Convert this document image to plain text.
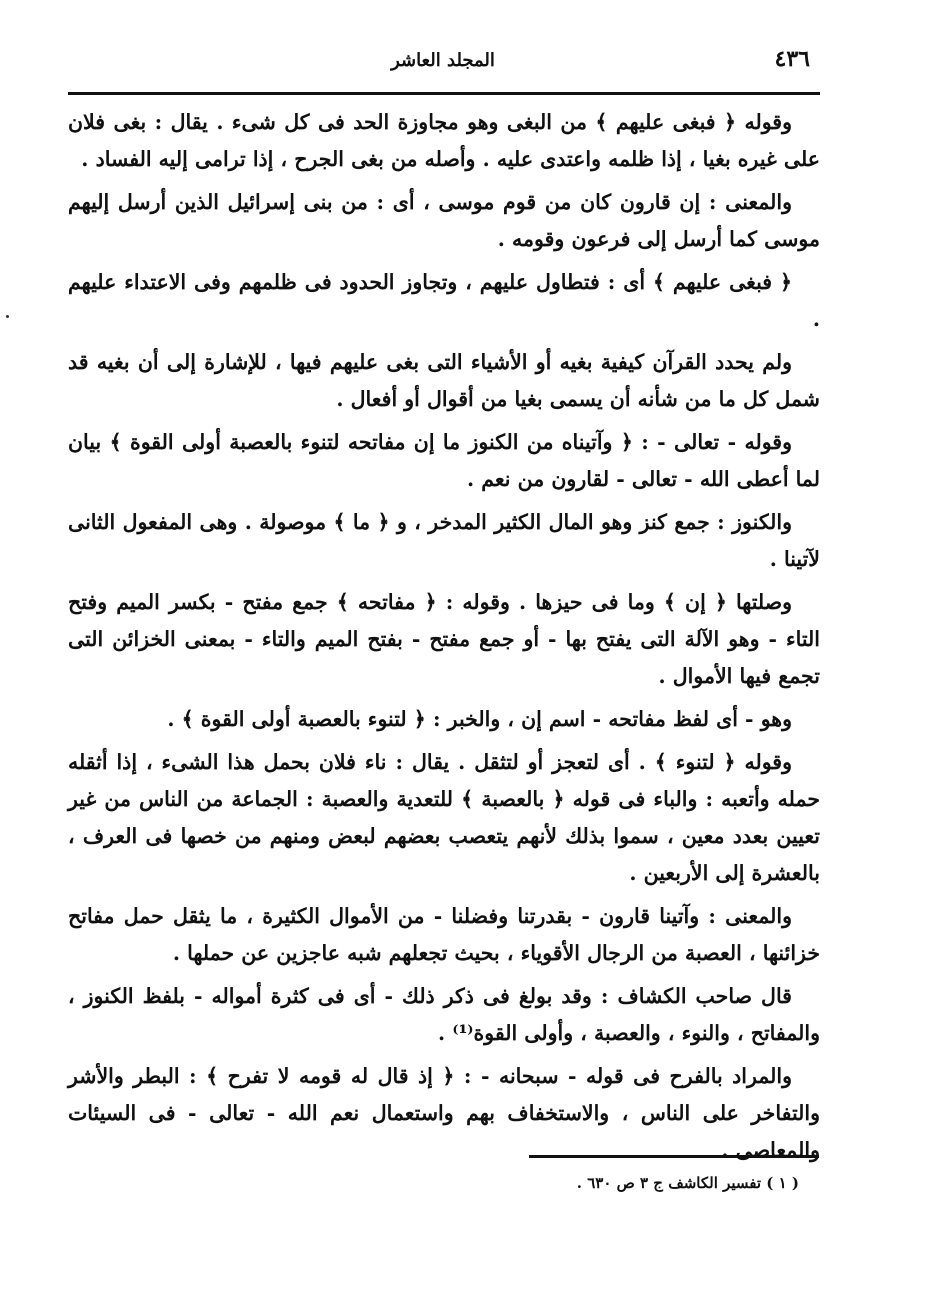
٤٣٦
المجلد العاشر

وقوله ﴿ فبغى عليهم ﴾ من البغى وهو مجاوزة الحد فى كل شىء . يقال : بغى فلان على غيره بغيا ، إذا ظلمه واعتدى عليه . وأصله من بغى الجرح ، إذا ترامى إليه الفساد .

والمعنى : إن قارون كان من قوم موسى ، أى : من بنى إسرائيل الذين أرسل إليهم موسى كما أرسل إلى فرعون وقومه .

﴿ فبغى عليهم ﴾ أى : فتطاول عليهم ، وتجاوز الحدود فى ظلمهم وفى الاعتداء عليهم .

ولم يحدد القرآن كيفية بغيه أو الأشياء التى بغى عليهم فيها ، للإشارة إلى أن بغيه قد شمل كل ما من شأنه أن يسمى بغيا من أقوال أو أفعال .

وقوله - تعالى - : ﴿ وآتيناه من الكنوز ما إن مفاتحه لتنوء بالعصبة أولى القوة ﴾ بيان لما أعطى الله - تعالى - لقارون من نعم .

والكنوز : جمع كنز وهو المال الكثير المدخر ، و ﴿ ما ﴾ موصولة . وهى المفعول الثانى لآتينا .

وصلتها ﴿ إن ﴾ وما فى حيزها . وقوله : ﴿ مفاتحه ﴾ جمع مفتح - بكسر الميم وفتح التاء - وهو الآلة التى يفتح بها - أو جمع مفتح - بفتح الميم والتاء - بمعنى الخزائن التى تجمع فيها الأموال .

وهو - أى لفظ مفاتحه - اسم إن ، والخبر : ﴿ لتنوء بالعصبة أولى القوة ﴾ .

وقوله ﴿ لتنوء ﴾ . أى لتعجز أو لتثقل . يقال : ناء فلان بحمل هذا الشىء ، إذا أثقله حمله وأتعبه : والباء فى قوله ﴿ بالعصبة ﴾ للتعدية والعصبة : الجماعة من الناس من غير تعيين بعدد معين ، سموا بذلك لأنهم يتعصب بعضهم لبعض ومنهم من خصها فى العرف ، بالعشرة إلى الأربعين .

والمعنى : وآتينا قارون - بقدرتنا وفضلنا - من الأموال الكثيرة ، ما يثقل حمل مفاتح خزائنها ، العصبة من الرجال الأقوياء ، بحيث تجعلهم شبه عاجزين عن حملها .

قال صاحب الكشاف : وقد بولغ فى ذكر ذلك - أى فى كثرة أمواله - بلفظ الكنوز ، والمفاتح ، والنوء ، والعصبة ، وأولى القوة⁽¹⁾ .

والمراد بالفرح فى قوله - سبحانه - : ﴿ إذ قال له قومه لا تفرح ﴾ : البطر والأشر والتفاخر على الناس ، والاستخفاف بهم واستعمال نعم الله - تعالى - فى السيئات والمعاصى .

( ١ ) تفسير الكاشف ج ٣ ص ٦٣٠ .
